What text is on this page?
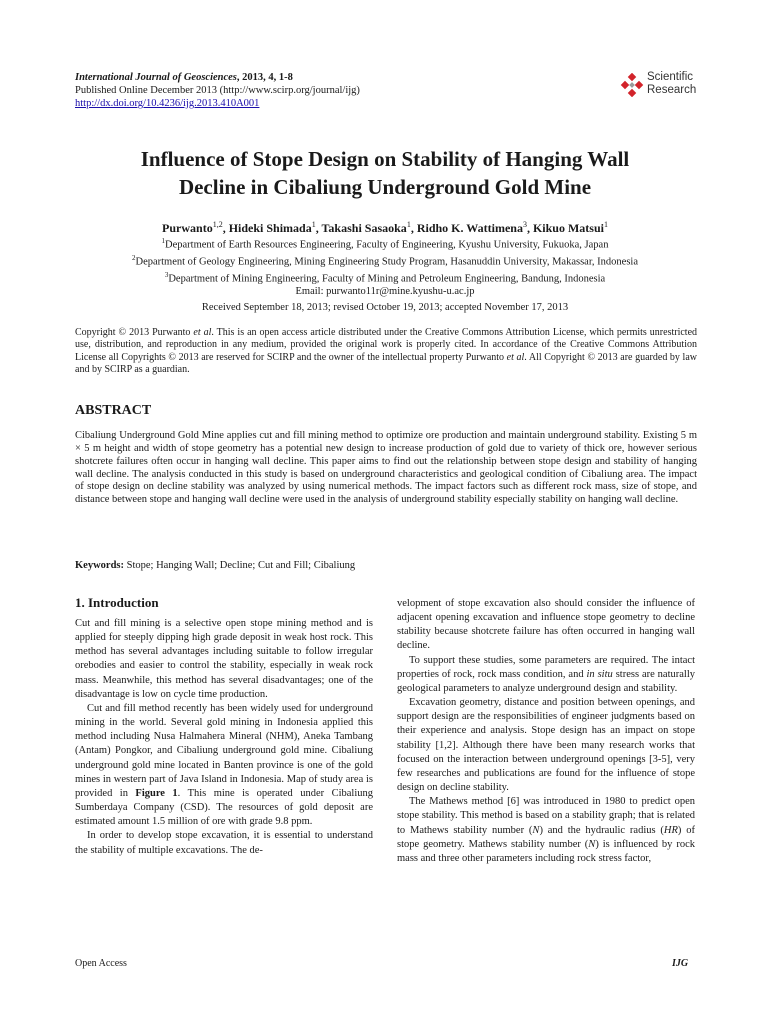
International Journal of Geosciences, 2013, 4, 1-8
Published Online December 2013 (http://www.scirp.org/journal/ijg)
http://dx.doi.org/10.4236/ijg.2013.410A001
Scientific
Research
Influence of Stope Design on Stability of Hanging Wall
Decline in Cibaliung Underground Gold Mine
Purwanto$^{1,2}$, Hideki Shimada$^1$, Takashi Sasaoka$^1$, Ridho K. Wattimena$^3$, Kikuo Matsui$^1$
$^1$Department of Earth Resources Engineering, Faculty of Engineering, Kyushu University, Fukuoka, Japan
$^2$Department of Geology Engineering, Mining Engineering Study Program, Hasanuddin University, Makassar, Indonesia
$^3$Department of Mining Engineering, Faculty of Mining and Petroleum Engineering, Bandung, Indonesia
Email: purwanto11r@mine.kyushu-u.ac.jp
Received September 18, 2013; revised October 19, 2013; accepted November 17, 2013
Copyright © 2013 Purwanto et al. This is an open access article distributed under the Creative Commons Attribution License, which permits unrestricted use, distribution, and reproduction in any medium, provided the original work is properly cited. In accordance of the Creative Commons Attribution License all Copyrights © 2013 are reserved for SCIRP and the owner of the intellectual property Purwanto et al. All Copyright © 2013 are guarded by law and by SCIRP as a guardian.
ABSTRACT

Cibaliung Underground Gold Mine applies cut and fill mining method to optimize ore production and maintain underground stability. Existing 5 m × 5 m height and width of stope geometry has a potential new design to increase production of gold due to variety of thick ore, however serious shotcrete failures often occur in hanging wall decline. This paper aims to find out the relationship between stope design and stability of hanging wall decline. The analysis conducted in this study is based on underground characteristics and geological condition of Cibaliung area. The impact of stope design on decline stability was analyzed by using numerical methods. The impact factors such as different rock mass, size of stope, and distance between stope and hanging wall decline were used in the analysis of underground stability especially stability on hanging wall decline.

Keywords: Stope; Hanging Wall; Decline; Cut and Fill; Cibaliung
1. Introduction

Cut and fill mining is a selective open stope mining method and is applied for steeply dipping high grade deposit in weak host rock. This method has several advantages including suitable to follow irregular orebodies and easier to control the stability, especially in weak rock mass. Meanwhile, this method has several disadvantages; one of the disadvantage is low on cycle time production.

Cut and fill method recently has been widely used for underground mining in the world. Several gold mining in Indonesia applied this method including Nusa Halmahera Mineral (NHM), Aneka Tambang (Antam) Pongkor, and Cibaliung underground gold mine. Cibaliung underground gold mine located in Banten province is one of the gold mines in western part of Java Island in Indonesia. Map of study area is provided in Figure 1. This mine is operated under Cibaliung Sumberdaya Company (CSD). The resources of gold deposit are estimated amount 1.5 million of ore with grade 9.8 ppm.

In order to develop stope excavation, it is essential to understand the stability of multiple excavations. The de-

velopment of stope excavation also should consider the influence of adjacent opening excavation and influence stope geometry to decline stability because shotcrete failure has often occurred in hanging wall decline.

To support these studies, some parameters are required. The intact properties of rock, rock mass condition, and in situ stress are naturally geological parameters to analyze underground design and stability.

Excavation geometry, distance and position between openings, and support design are the responsibilities of engineer judgments based on their experience and analysis. Stope design has an impact on stope stability [1,2]. Although there have been many research works that focused on the interaction between underground openings [3-5], very few researches and publications are found for the influence of stope design on decline stability.

The Mathews method [6] was introduced in 1980 to predict open stope stability. This method is based on a stability graph; that is related to Mathews stability number (N) and the hydraulic radius (HR) of stope geometry. Mathews stability number (N) is influenced by rock mass and three other parameters including rock stress factor,

Open Access	IJG
